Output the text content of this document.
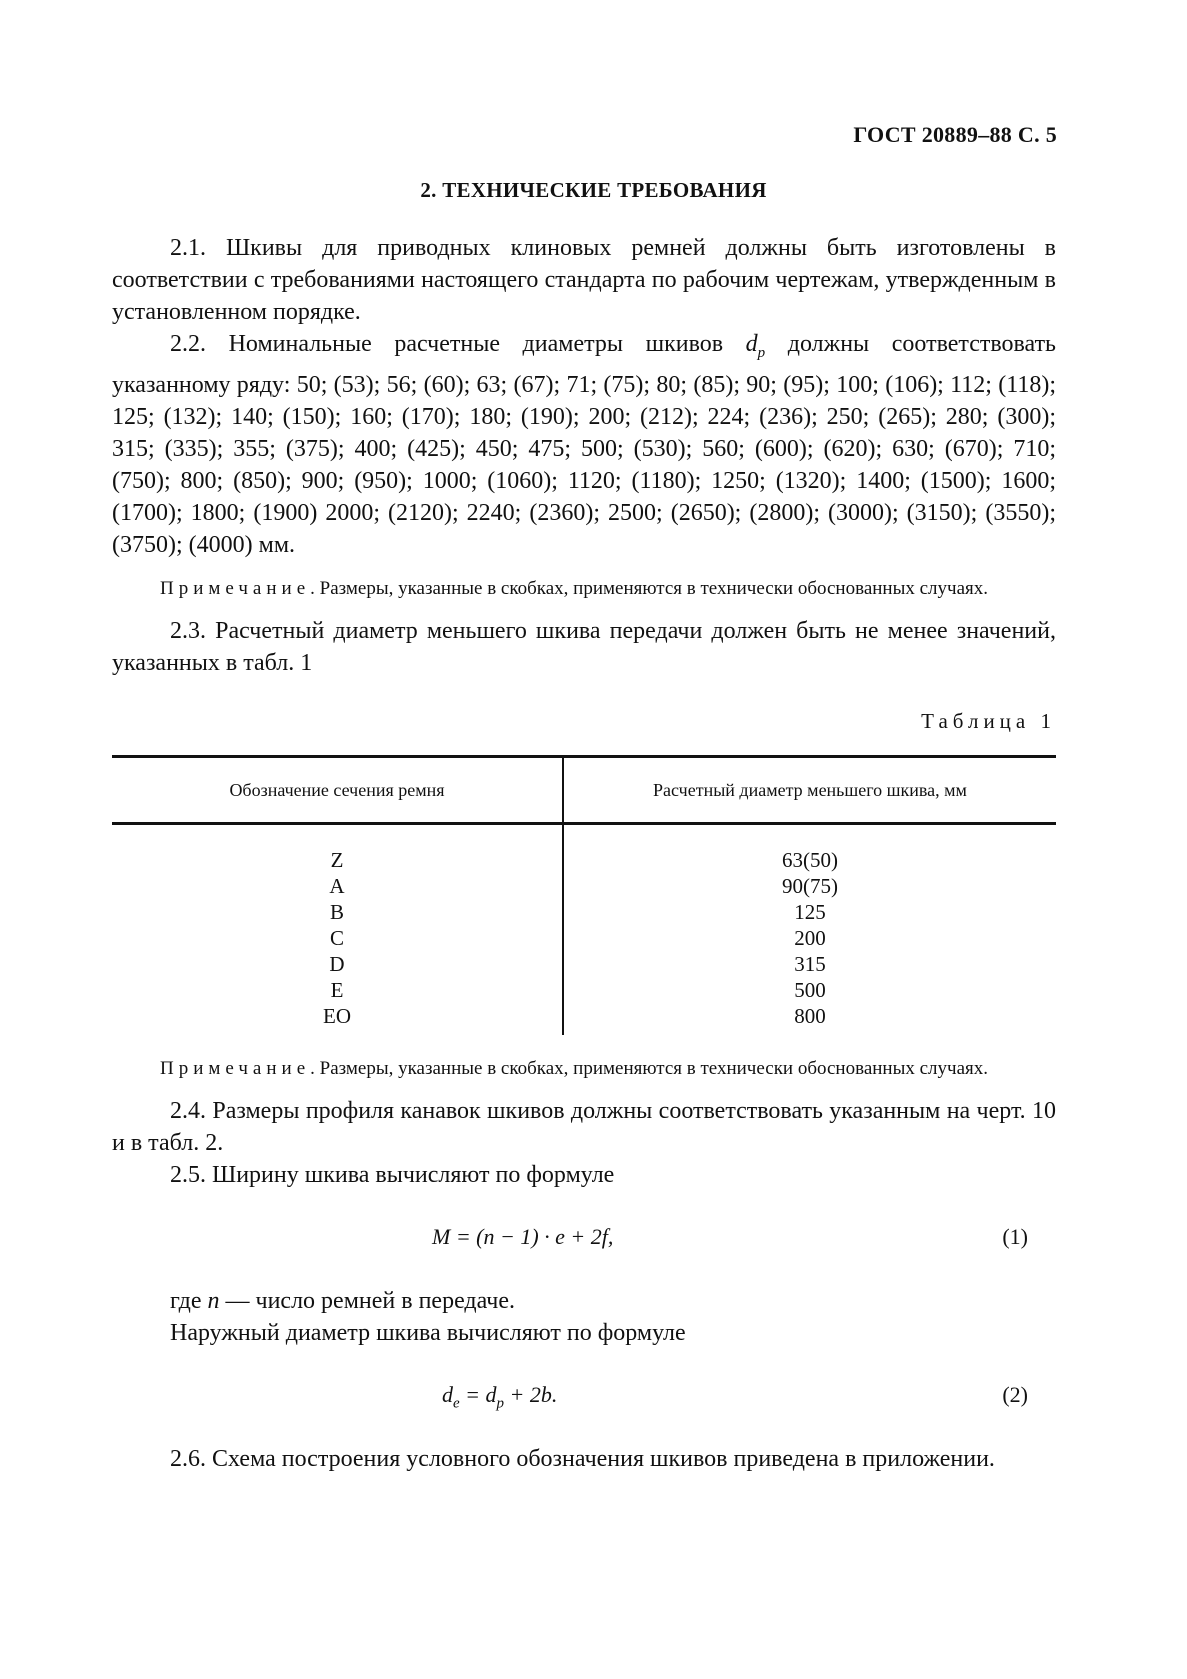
ГОСТ 20889–88 С. 5
2. ТЕХНИЧЕСКИЕ ТРЕБОВАНИЯ

2.1. Шкивы для приводных клиновых ремней должны быть изготовлены в соответствии с требованиями настоящего стандарта по рабочим чертежам, утвержденным в установленном порядке.

2.2. Номинальные расчетные диаметры шкивов $d_p$ должны соответствовать указанному ряду: 50; (53); 56; (60); 63; (67); 71; (75); 80; (85); 90; (95); 100; (106); 112; (118); 125; (132); 140; (150); 160; (170); 180; (190); 200; (212); 224; (236); 250; (265); 280; (300); 315; (335); 355; (375); 400; (425); 450; 475; 500; (530); 560; (600); (620); 630; (670); 710; (750); 800; (850); 900; (950); 1000; (1060); 1120; (1180); 1250; (1320); 1400; (1500); 1600; (1700); 1800; (1900) 2000; (2120); 2240; (2360); 2500; (2650); (2800); (3000); (3150); (3550); (3750); (4000) мм.

Примечание. Размеры, указанные в скобках, применяются в технически обоснованных случаях.

2.3. Расчетный диаметр меньшего шкива передачи должен быть не менее значений, указанных в табл. 1

Таблица 1
Обозначение сечения ремня	Расчетный диаметр меньшего шкива, мм
Z	63(50)
A	90(75)
B	125
C	200
D	315
E	500
EO	800

Примечание. Размеры, указанные в скобках, применяются в технически обоснованных случаях.

2.4. Размеры профиля канавок шкивов должны соответствовать указанным на черт. 10 и в табл. 2.

2.5. Ширину шкива вычисляют по формуле

M = (n − 1) · e + 2f,	(1)

где n — число ремней в передаче.

Наружный диаметр шкива вычисляют по формуле

$d_e = d_p + 2b$.	(2)

2.6. Схема построения условного обозначения шкивов приведена в приложении.
